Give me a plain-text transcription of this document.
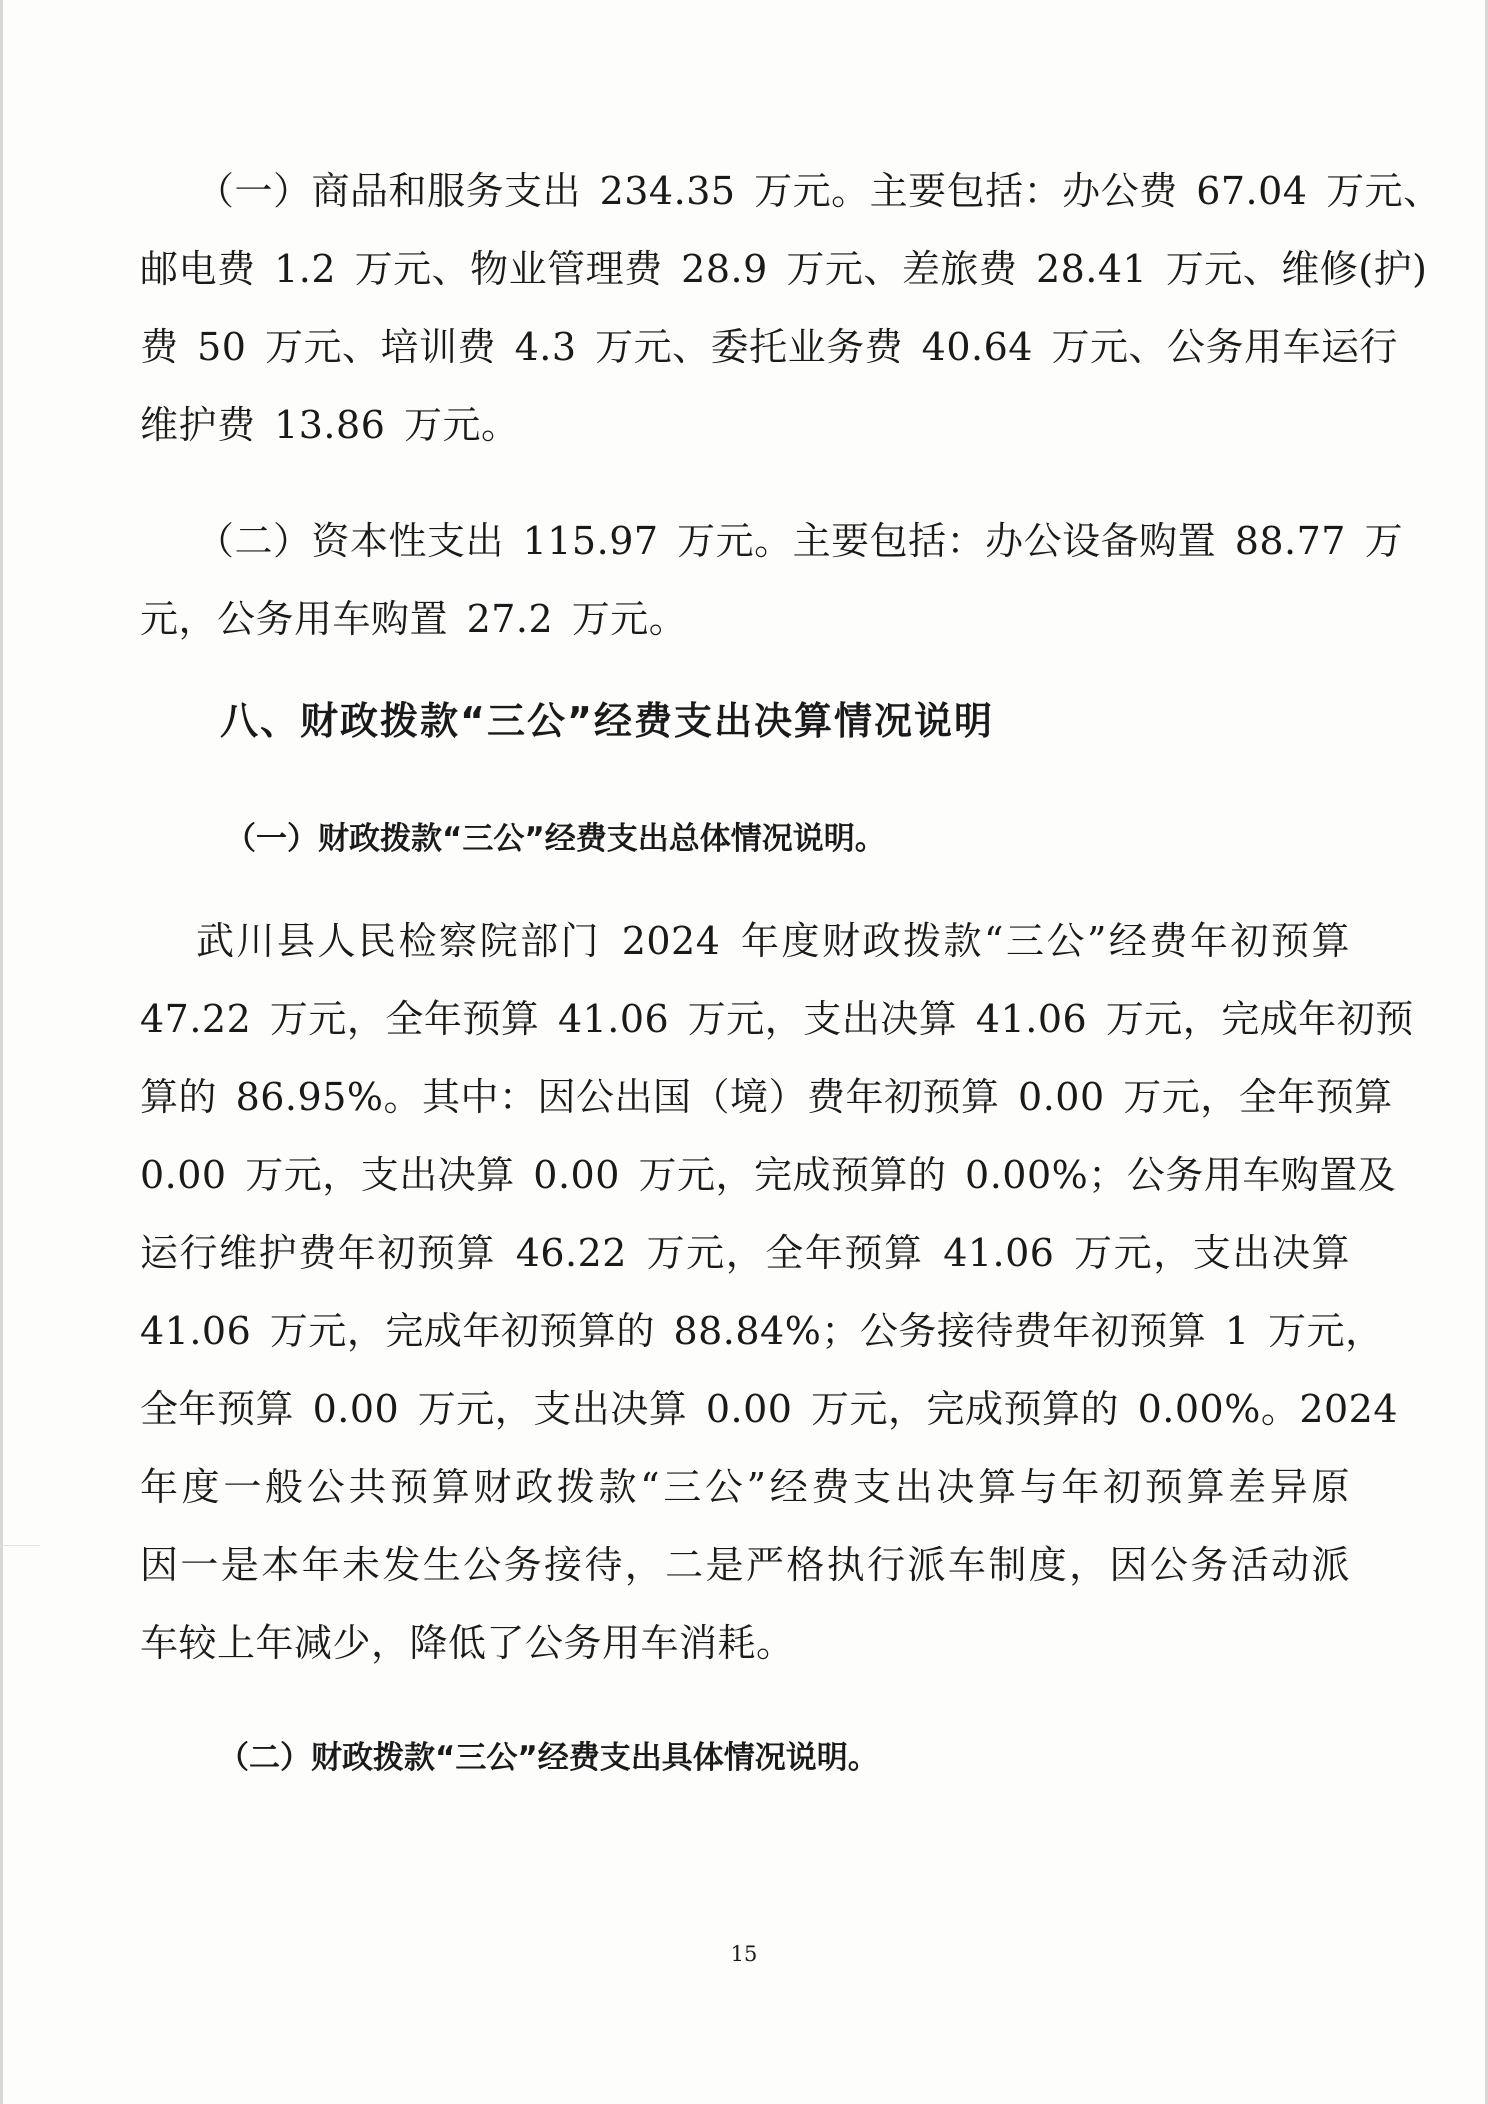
（一）商品和服务支出 234.35 万元。主要包括：办公费 67.04 万元、
邮电费 1.2 万元、物业管理费 28.9 万元、差旅费 28.41 万元、维修(护)
费 50 万元、培训费 4.3 万元、委托业务费 40.64 万元、公务用车运行
维护费 13.86 万元。
（二）资本性支出 115.97 万元。主要包括：办公设备购置 88.77 万
元，公务用车购置 27.2 万元。
八、财政拨款“三公”经费支出决算情况说明
（一）财政拨款“三公”经费支出总体情况说明。
武川县人民检察院部门 2024 年度财政拨款“三公”经费年初预算
47.22 万元，全年预算 41.06 万元，支出决算 41.06 万元，完成年初预
算的 86.95%。其中：因公出国（境）费年初预算 0.00 万元，全年预算
0.00 万元，支出决算 0.00 万元，完成预算的 0.00%；公务用车购置及
运行维护费年初预算 46.22 万元，全年预算 41.06 万元，支出决算
41.06 万元，完成年初预算的 88.84%；公务接待费年初预算 1 万元，
全年预算 0.00 万元，支出决算 0.00 万元，完成预算的 0.00%。2024
年度一般公共预算财政拨款“三公”经费支出决算与年初预算差异原
因一是本年未发生公务接待，二是严格执行派车制度，因公务活动派
车较上年减少，降低了公务用车消耗。
（二）财政拨款“三公”经费支出具体情况说明。
15
